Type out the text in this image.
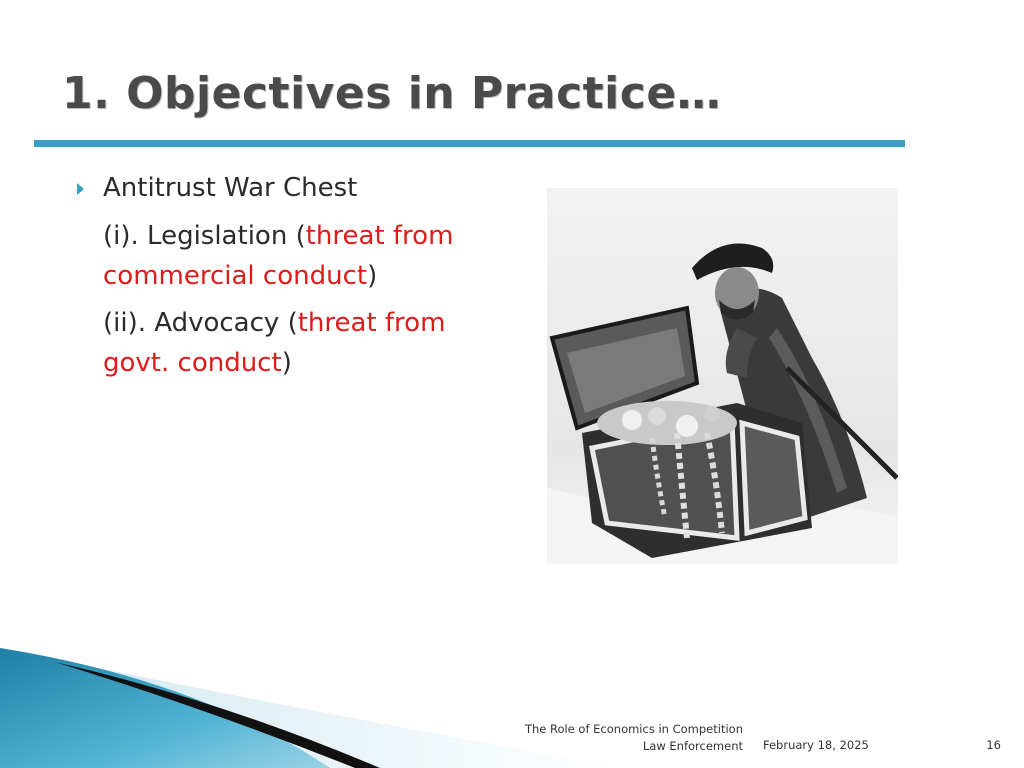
1. Objectives in Practice…
Antitrust War Chest
(i). Legislation (threat from
commercial conduct)
(ii). Advocacy (threat from
govt. conduct)
The Role of Economics in Competition
Law Enforcement February 18, 2025	16
